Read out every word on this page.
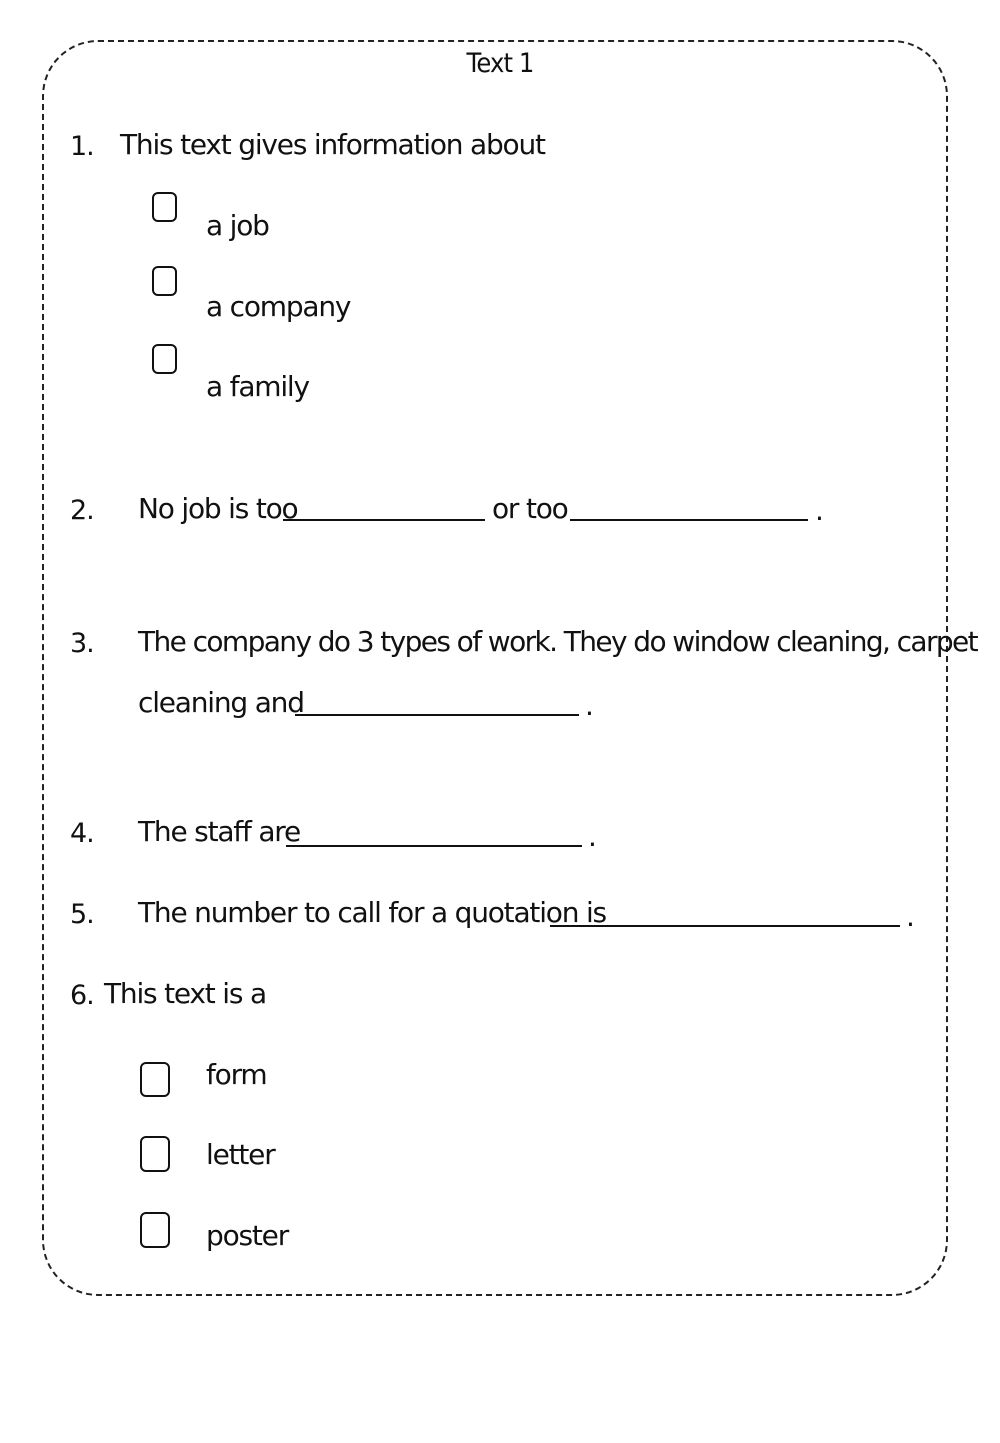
Text 1
1. This text gives information about
a job
a company
a family
2. No job is too	or too	.
3. The company do 3 types of work. They do window cleaning, carpet
cleaning and	.
4. The staff are	.
5. The number to call for a quotation is	.
6. This text is a
form
letter
poster
